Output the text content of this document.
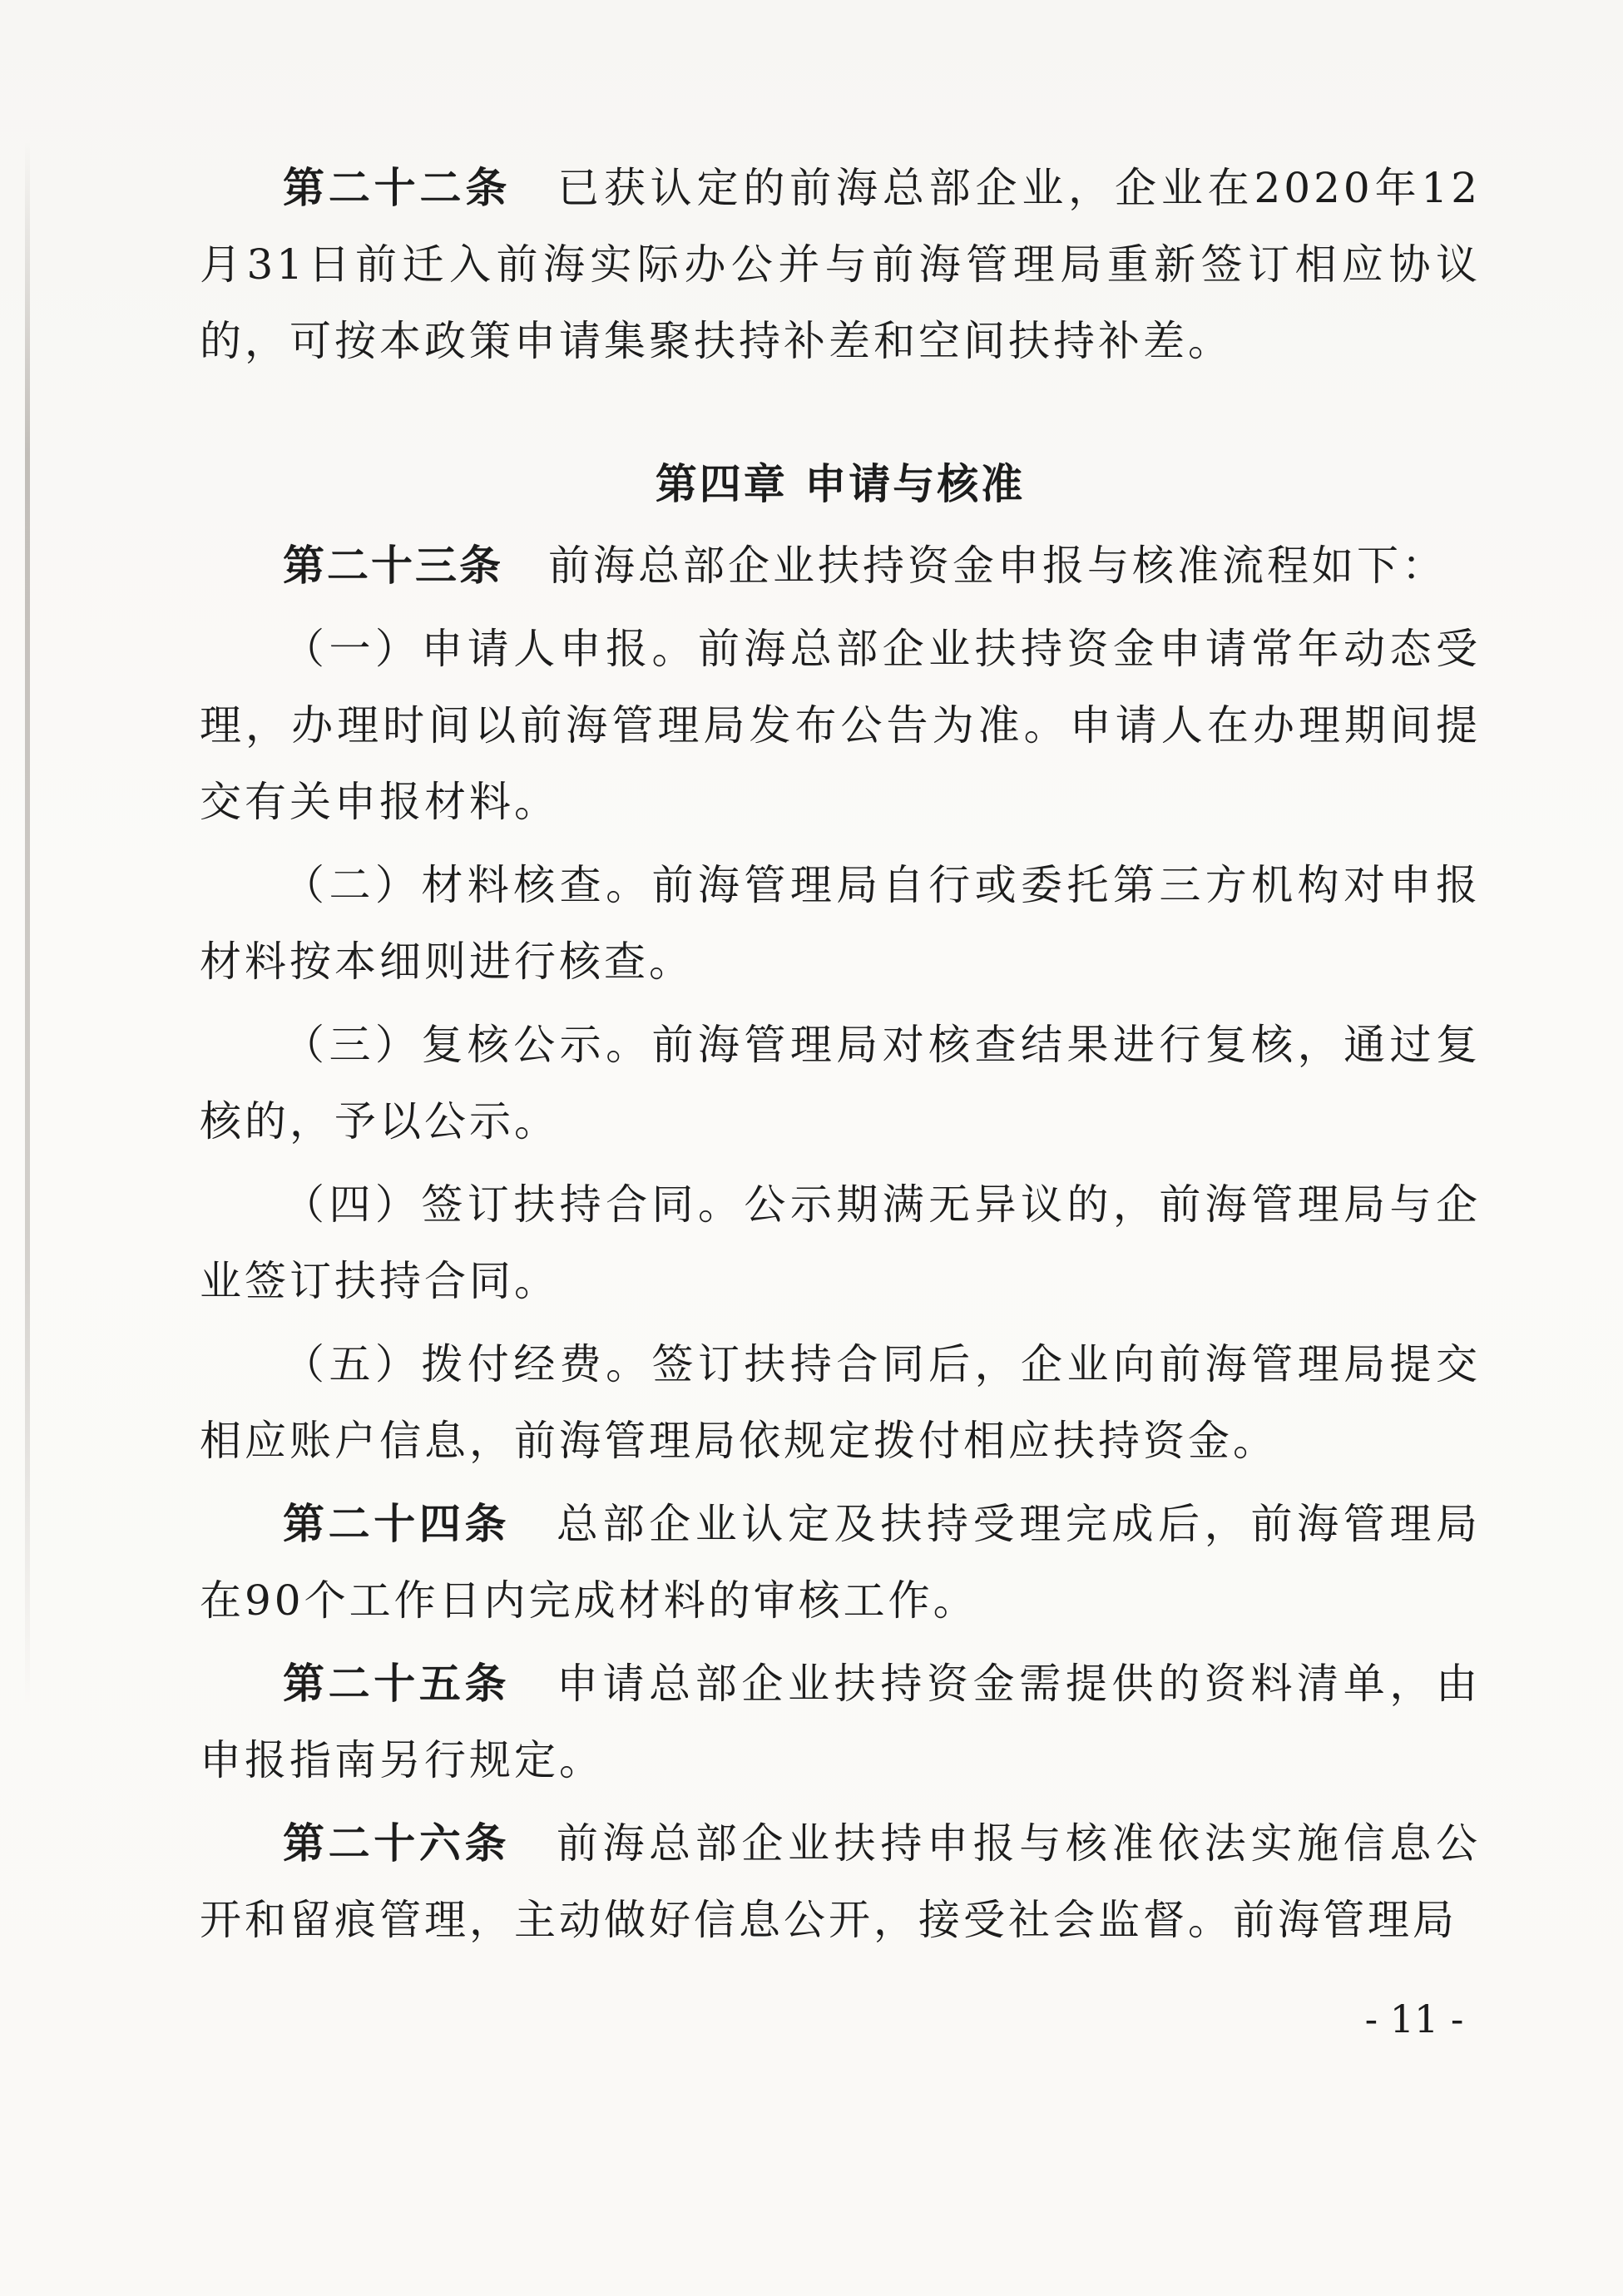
第二十二条　 已获认定的前海总部企业，企业在2020年12月31日前迁入前海实际办公并与前海管理局重新签订相应协议的，可按本政策申请集聚扶持补差和空间扶持补差。

第四章 申请与核准

第二十三条　 前海总部企业扶持资金申报与核准流程如下：

（一）申请人申报。前海总部企业扶持资金申请常年动态受理，办理时间以前海管理局发布公告为准。申请人在办理期间提交有关申报材料。

（二）材料核查。前海管理局自行或委托第三方机构对申报材料按本细则进行核查。

（三）复核公示。前海管理局对核查结果进行复核，通过复核的，予以公示。

（四）签订扶持合同。公示期满无异议的，前海管理局与企业签订扶持合同。

（五）拨付经费。签订扶持合同后，企业向前海管理局提交相应账户信息，前海管理局依规定拨付相应扶持资金。

第二十四条　 总部企业认定及扶持受理完成后，前海管理局在90个工作日内完成材料的审核工作。

第二十五条　 申请总部企业扶持资金需提供的资料清单，由申报指南另行规定。

第二十六条　 前海总部企业扶持申报与核准依法实施信息公开和留痕管理，主动做好信息公开，接受社会监督。前海管理局

- 11 -
